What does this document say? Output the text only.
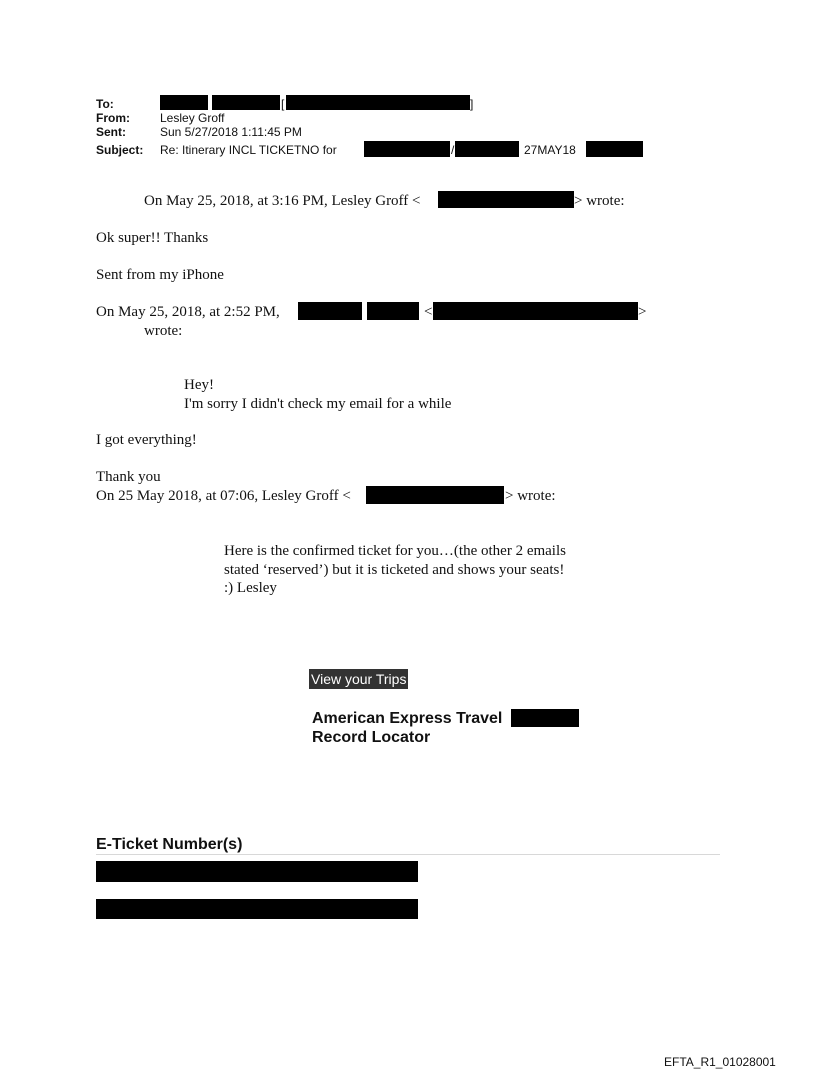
To:	[	]
From:	Lesley Groff
Sent:	Sun 5/27/2018 1:11:45 PM
Subject: Re: Itinerary INCL TICKETNO for	/	27MAY18
On May 25, 2018, at 3:16 PM, Lesley Groff <	> wrote:
Ok super!! Thanks
Sent from my iPhone
On May 25, 2018, at 2:52 PM,	<	>
wrote:
Hey!
I'm sorry I didn't check my email for a while
I got everything!
Thank you
On 25 May 2018, at 07:06, Lesley Groff <	> wrote:
Here is the confirmed ticket for you…(the other 2 emails
stated ‘reserved’) but it is ticketed and shows your seats!
:) Lesley
View your Trips
American Express Travel
Record Locator
E-Ticket Number(s)
EFTA_R1_01028001
